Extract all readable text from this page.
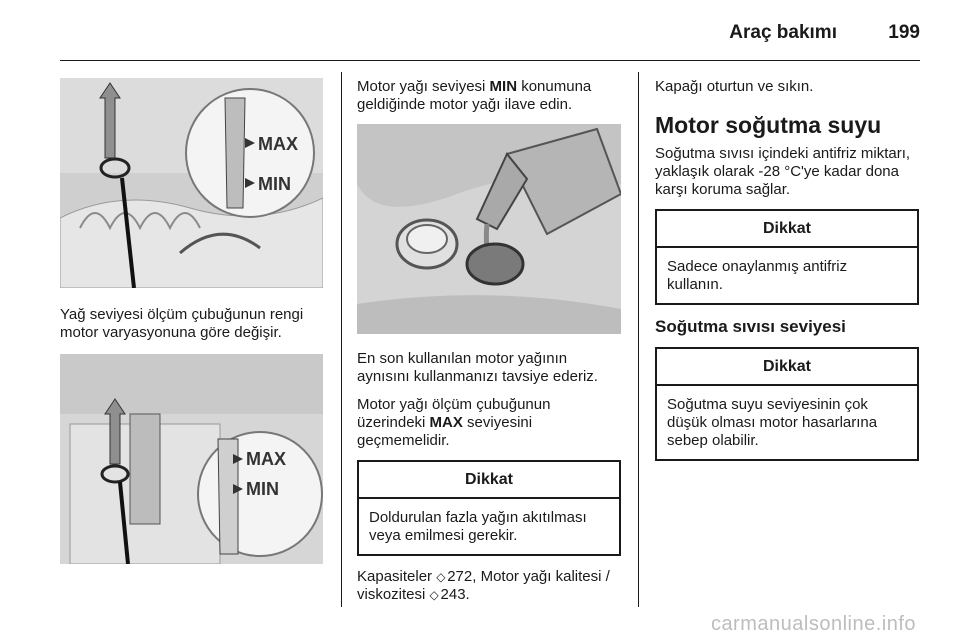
Araç bakımı	199
MAX
MIN

Yağ seviyesi ölçüm çubuğunun rengi motor varyasyonuna göre değişir.

MAX
MIN

Motor yağı seviyesi MIN konumuna geldiğinde motor yağı ilave edin.

En son kullanılan motor yağının aynısını kullanmanızı tavsiye ederiz.

Motor yağı ölçüm çubuğunun üzerindeki MAX seviyesini geçmemelidir.

Dikkat
Doldurulan fazla yağın akıtılması veya emilmesi gerekir.

Kapasiteler ◇ 272, Motor yağı kalitesi / viskozitesi ◇ 243.

Kapağı oturtun ve sıkın.

Motor soğutma suyu

Soğutma sıvısı içindeki antifriz miktarı, yaklaşık olarak -28 °C'ye kadar dona karşı koruma sağlar.

Dikkat
Sadece onaylanmış antifriz kullanın.
Soğutma sıvısı seviyesi
Dikkat
Soğutma suyu seviyesinin çok düşük olması motor hasarlarına sebep olabilir.
carmanualsonline.info
